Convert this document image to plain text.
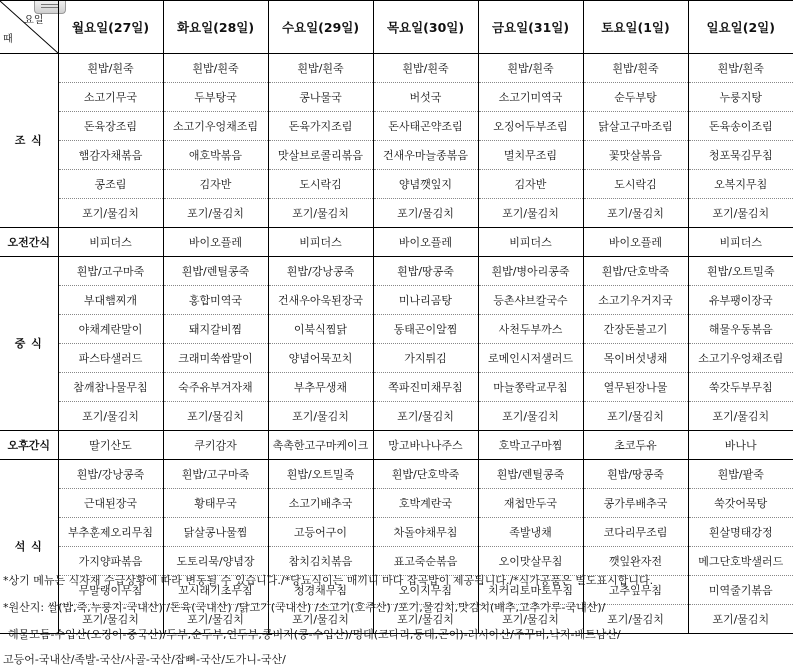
요일
때	월요일(27일)	화요일(28일)	수요일(29일)	목요일(30일)	금요일(31일)	토요일(1일)	일요일(2일)
조 식	흰밥/흰죽	흰밥/흰죽	흰밥/흰죽	흰밥/흰죽	흰밥/흰죽	흰밥/흰죽	흰밥/흰죽
	소고기무국	두부탕국	콩나물국	버섯국	소고기미역국	순두부탕	누룽지탕
	돈육장조림	소고기우엉채조림	돈육가지조림	돈사태곤약조림	오징어두부조림	닭살고구마조림	돈육송이조림
	햄감자채볶음	애호박볶음	맛살브로콜리볶음	건새우마늘종볶음	멸치무조림	꽃맛살볶음	청포묵김무침
	콩조림	김자반	도시락김	양념깻잎지	김자반	도시락김	오복지무침
	포기/물김치	포기/물김치	포기/물김치	포기/물김치	포기/물김치	포기/물김치	포기/물김치
오전간식	비피더스	바이오플레	비피더스	바이오플레	비피더스	바이오플레	비피더스
중 식	흰밥/고구마죽	흰밥/렌틸콩죽	흰밥/강낭콩죽	흰밥/땅콩죽	흰밥/병아리콩죽	흰밥/단호박죽	흰밥/오트밀죽
	부대햄찌개	홍합미역국	건새우아욱된장국	미나리곰탕	등촌샤브칼국수	소고기우거지국	유부팽이장국
	야채계란말이	돼지갈비찜	이북식찜닭	동태곤이알찜	사천두부까스	간장돈불고기	해물우동볶음
	파스타샐러드	크래미쑥쌈말이	양념어묵꼬치	가지튀김	로메인시저샐러드	목이버섯냉채	소고기우엉채조림
	참깨참나물무침	숙주유부겨자채	부추무생채	쪽파진미채무침	마늘쫑락교무침	열무된장나물	쑥갓두부무침
	포기/물김치	포기/물김치	포기/물김치	포기/물김치	포기/물김치	포기/물김치	포기/물김치
오후간식	딸기산도	쿠키감자	촉촉한고구마케이크	망고바나나주스	호박고구마찜	초코두유	바나나
석 식	흰밥/강낭콩죽	흰밥/고구마죽	흰밥/오트밀죽	흰밥/단호박죽	흰밥/렌틸콩죽	흰밥/땅콩죽	흰밥/팥죽
	근대된장국	황태무국	소고기배추국	호박계란국	재첩만두국	콩가루배추국	쑥갓어묵탕
	부추훈제오리무침	닭살콩나물찜	고등어구이	차돌야채무침	족발냉채	코다리무조림	흰살명태강정
	가지양파볶음	도토리묵/양념장	참치김치볶음	표고죽순볶음	오이맛살무침	깻잎완자전	메그단호박샐러드
	무말랭이무침	꼬시래기초무침	청경채무침	오이지무침	치커리토마토무침	고추잎무침	미역줄기볶음
	포기/물김치	포기/물김치	포기/물김치	포기/물김치	포기/물김치	포기/물김치	포기/물김치
*상기 메뉴는 식자재 수급상황에 따라 변동될 수 있습니다./*당뇨식이는 매끼니 마다 잡곡밥이 제공됩니다./*식가공품은 별도표시합니다.
*원산지: 쌀(밥,죽,누룽지-국내산) /돈육(국내산) /닭고기(국내산) /소고기(호주산) /포기,물김치,맛김치(배추,고추가루-국내산)/
해물모듬-수입산(오징어-중국산)/두부,순두부,연두부,콩비지(콩-수입산)/명태(코다리,동태,곤이)-러시아산/주꾸미,낙지-베트남산/
고등어-국내산/족발-국산/사골-국산/잡뼈-국산/도가니-국산/
